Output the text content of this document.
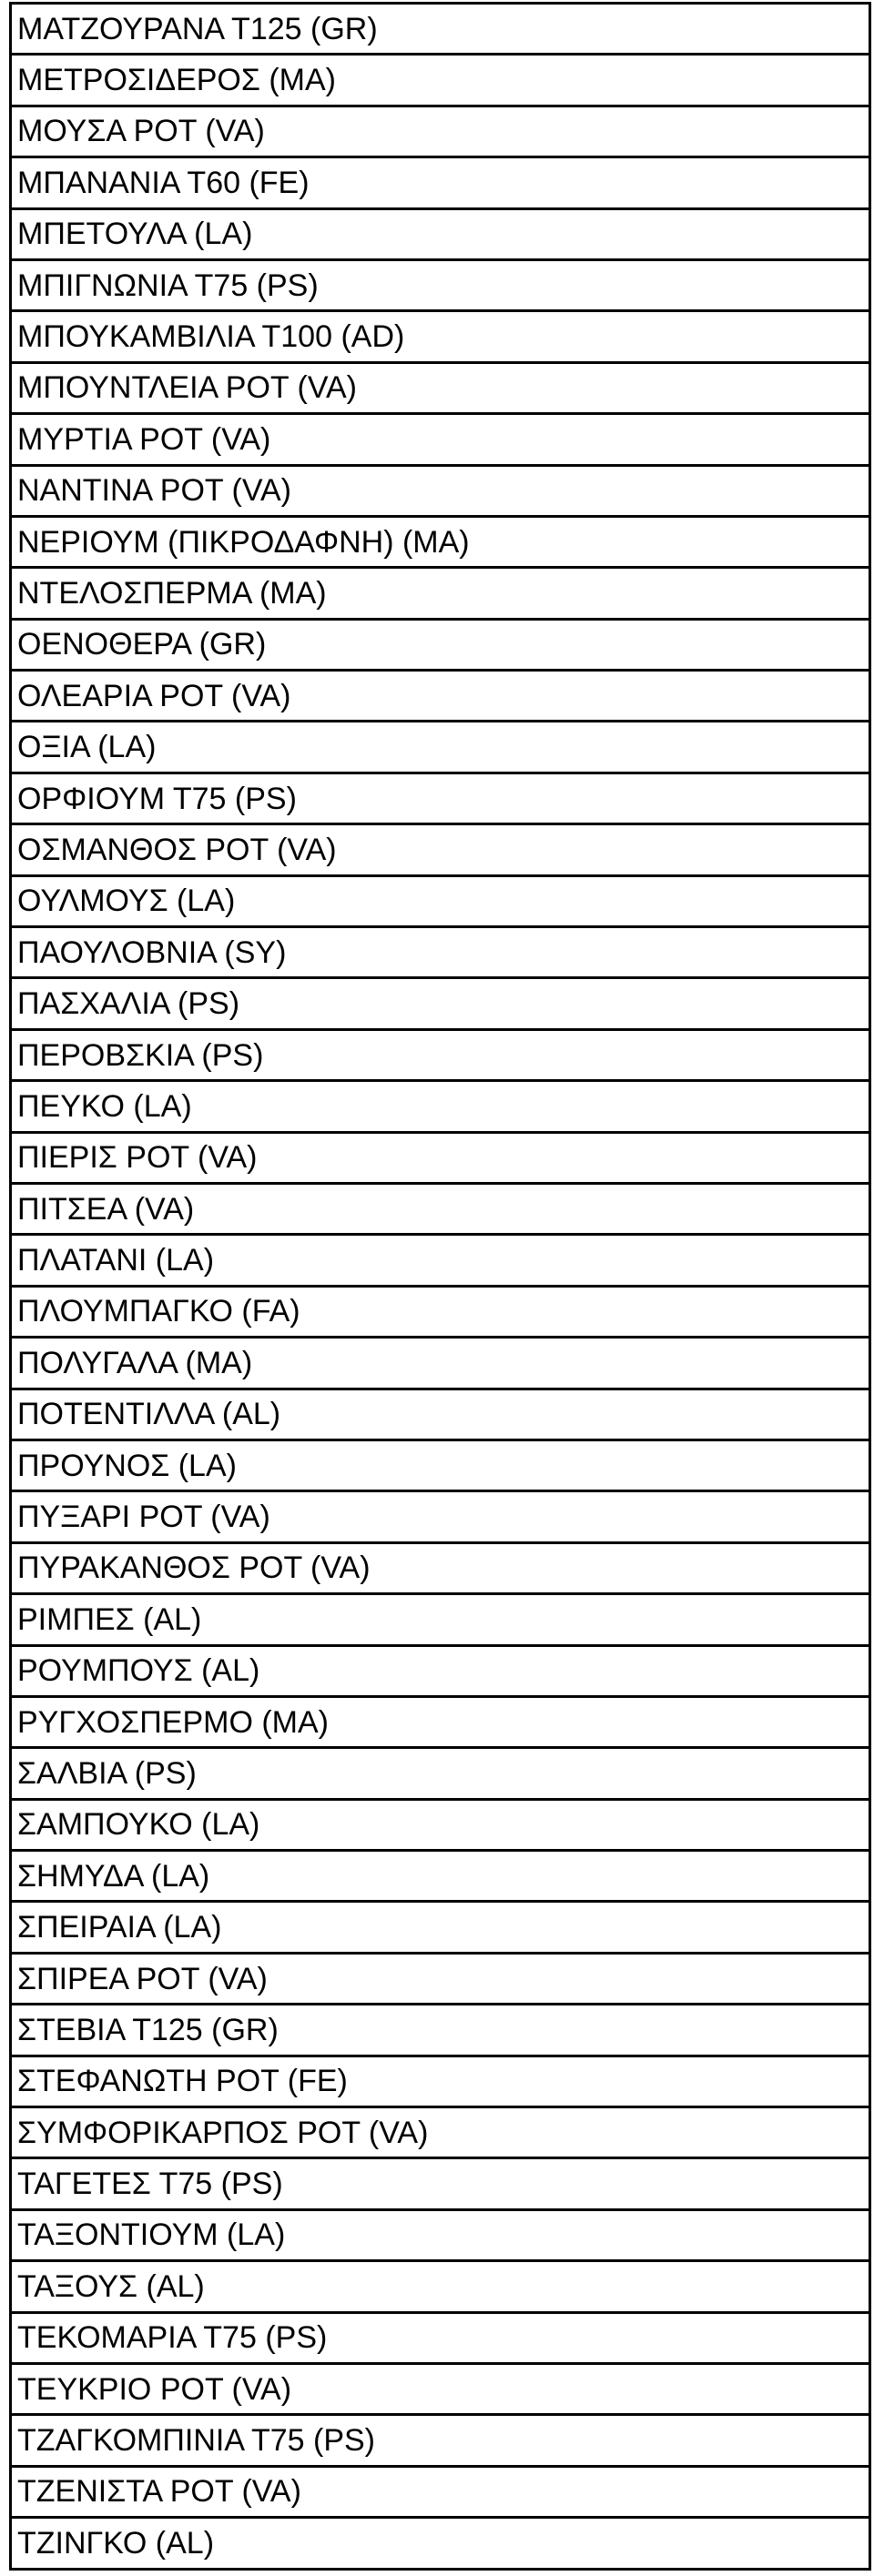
ΜΑΤΖΟΥΡΑΝΑ Τ125 (GR)
ΜΕΤΡΟΣΙΔΕΡΟΣ (MA)
ΜΟΥΣΑ ΡΟΤ (VA)
ΜΠΑΝΑΝΙΑ Τ60 (FE)
ΜΠΕΤΟΥΛΑ (LA)
ΜΠΙΓΝΩΝΙΑ Τ75 (PS)
ΜΠΟΥΚΑΜΒΙΛΙΑ Τ100 (AD)
ΜΠΟΥΝΤΛΕΙΑ ΡΟΤ (VA)
ΜΥΡΤΙΑ ΡΟΤ (VA)
ΝΑΝΤΙΝΑ ΡΟΤ (VA)
ΝΕΡΙΟΥΜ (ΠΙΚΡΟΔΑΦΝΗ) (MA)
ΝΤΕΛΟΣΠΕΡΜΑ (MA)
ΟΕΝΟΘΕΡΑ (GR)
ΟΛΕΑΡΙΑ ΡΟΤ (VA)
ΟΞΙΑ (LA)
ΟΡΦΙΟΥΜ Τ75 (PS)
ΟΣΜΑΝΘΟΣ ΡΟΤ (VA)
ΟΥΛΜΟΥΣ (LA)
ΠΑΟΥΛΟΒΝΙΑ (SY)
ΠΑΣΧΑΛΙΑ (PS)
ΠΕΡΟΒΣΚΙΑ (PS)
ΠΕΥΚΟ (LA)
ΠΙΕΡΙΣ ΡΟΤ (VA)
ΠΙΤΣΕΑ (VA)
ΠΛΑΤΑΝΙ (LA)
ΠΛΟΥΜΠΑΓΚΟ (FA)
ΠΟΛΥΓΑΛΑ (MA)
ΠΟΤΕΝΤΙΛΛΑ (AL)
ΠΡΟΥΝΟΣ (LA)
ΠΥΞΑΡΙ ΡΟΤ (VA)
ΠΥΡΑΚΑΝΘΟΣ ΡΟΤ (VA)
ΡΙΜΠΕΣ (AL)
ΡΟΥΜΠΟΥΣ (AL)
ΡΥΓΧΟΣΠΕΡΜΟ (MA)
ΣΑΛΒΙΑ (PS)
ΣΑΜΠΟΥΚΟ (LA)
ΣΗΜΥΔΑ (LA)
ΣΠΕΙΡΑΙΑ (LA)
ΣΠΙΡΕΑ ΡΟΤ (VA)
ΣΤΕΒΙΑ Τ125 (GR)
ΣΤΕΦΑΝΩΤΗ ΡΟΤ (FE)
ΣΥΜΦΟΡΙΚΑΡΠΟΣ ΡΟΤ (VA)
ΤΑΓΕΤΕΣ Τ75 (PS)
ΤΑΞΟΝΤΙΟΥΜ (LA)
ΤΑΞΟΥΣ (AL)
ΤΕΚΟΜΑΡΙΑ Τ75 (PS)
ΤΕΥΚΡΙΟ ΡΟΤ (VA)
ΤΖΑΓΚΟΜΠΙΝΙΑ Τ75 (PS)
ΤΖΕΝΙΣΤΑ ΡΟΤ (VA)
ΤΖΙΝΓΚΟ (AL)
